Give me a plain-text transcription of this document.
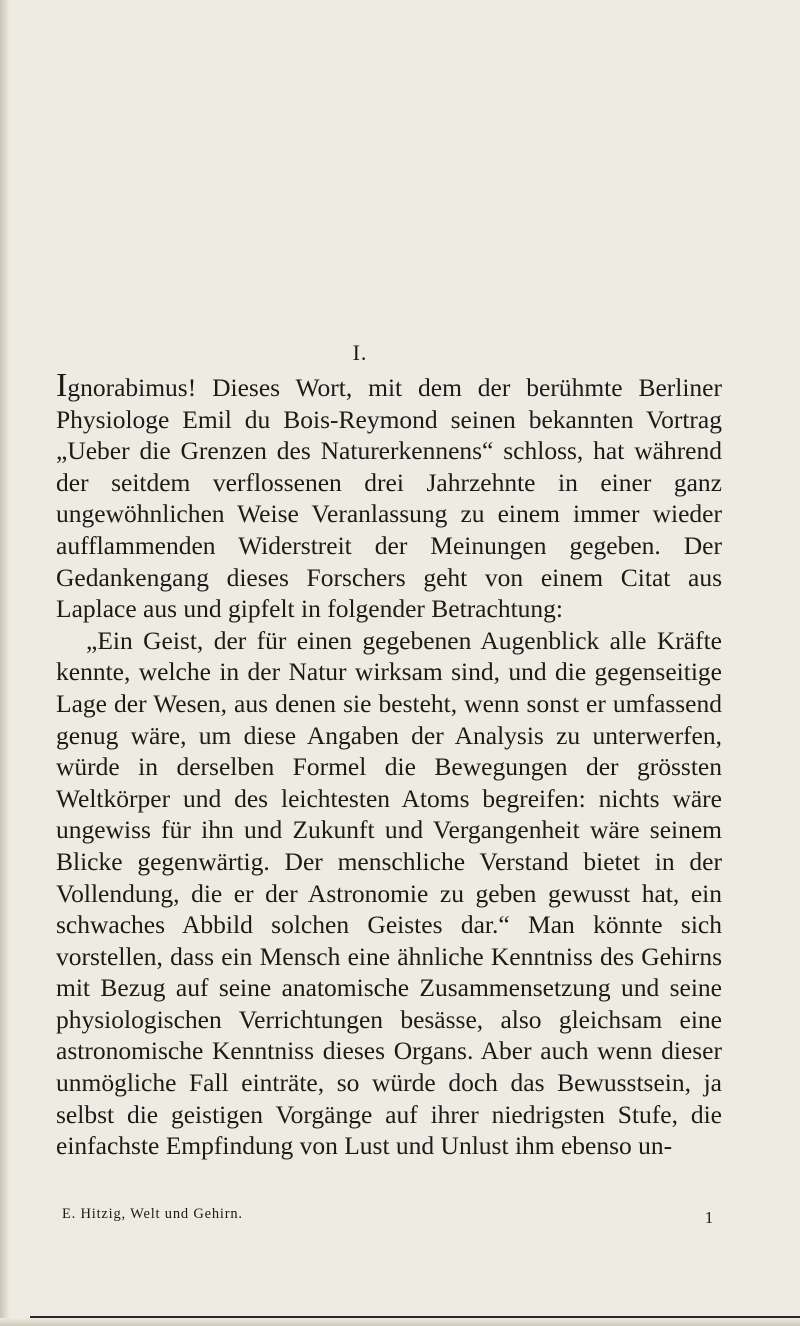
I.

Ignorabimus! Dieses Wort, mit dem der berühmte Berliner Physiologe Emil du Bois-Reymond seinen bekannten Vortrag „Ueber die Grenzen des Naturerkennens“ schloss, hat während der seitdem verflossenen drei Jahrzehnte in einer ganz ungewöhnlichen Weise Veranlassung zu einem immer wieder aufflammenden Widerstreit der Meinungen gegeben. Der Gedankengang dieses Forschers geht von einem Citat aus Laplace aus und gipfelt in folgender Betrachtung:

„Ein Geist, der für einen gegebenen Augenblick alle Kräfte kennte, welche in der Natur wirksam sind, und die gegenseitige Lage der Wesen, aus denen sie besteht, wenn sonst er umfassend genug wäre, um diese Angaben der Analysis zu unterwerfen, würde in derselben Formel die Bewegungen der grössten Weltkörper und des leichtesten Atoms begreifen: nichts wäre ungewiss für ihn und Zukunft und Vergangenheit wäre seinem Blicke gegenwärtig. Der menschliche Verstand bietet in der Vollendung, die er der Astronomie zu geben gewusst hat, ein schwaches Abbild solchen Geistes dar.“ Man könnte sich vorstellen, dass ein Mensch eine ähnliche Kenntniss des Gehirns mit Bezug auf seine anatomische Zusammensetzung und seine physiologischen Verrichtungen besässe, also gleichsam eine astronomische Kenntniss dieses Organs. Aber auch wenn dieser unmögliche Fall einträte, so würde doch das Bewusstsein, ja selbst die geistigen Vorgänge auf ihrer niedrigsten Stufe, die einfachste Empfindung von Lust und Unlust ihm ebenso un-

E. Hitzig, Welt und Gehirn.	1
